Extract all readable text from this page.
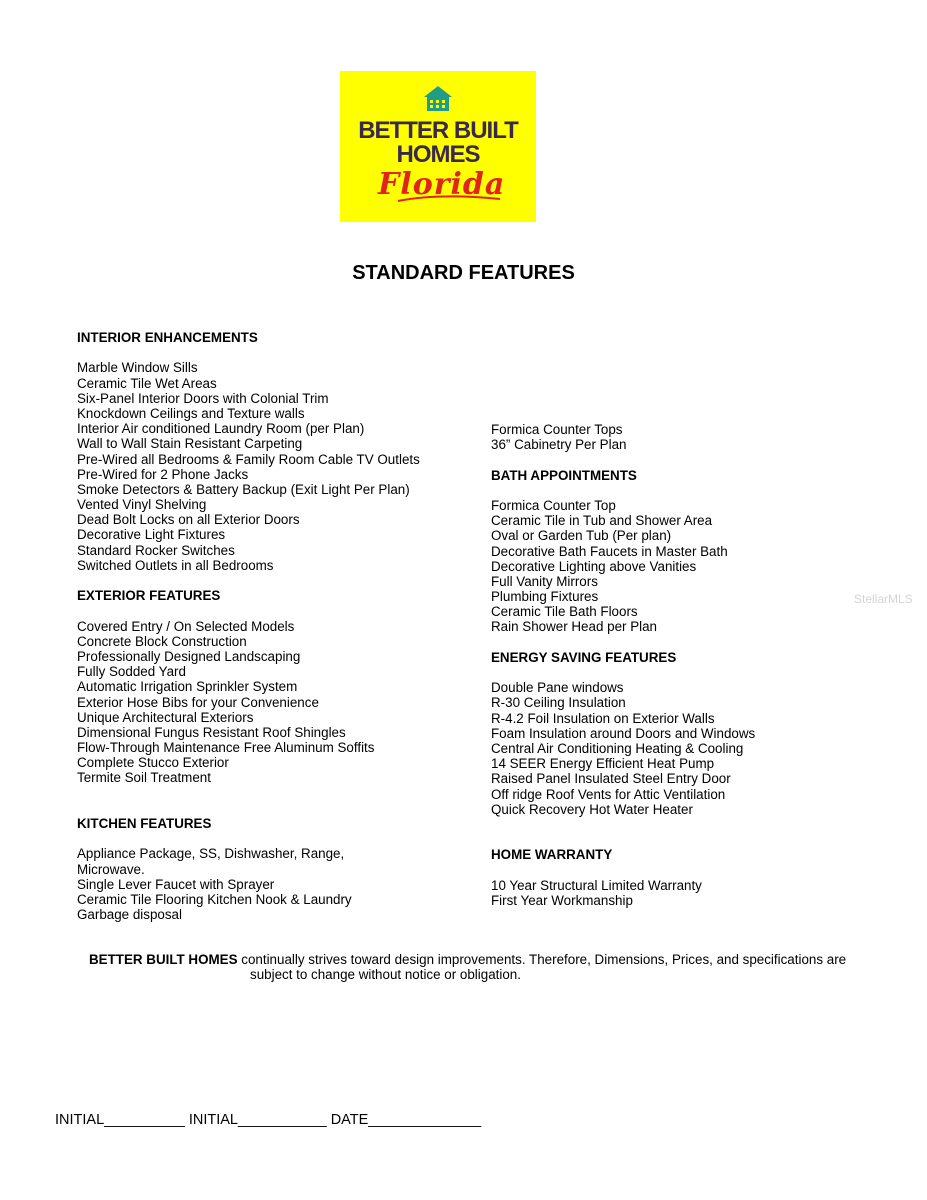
BETTER BUILT
HOMES
Florida
STANDARD FEATURES
INTERIOR ENHANCEMENTS
Marble Window Sills
Ceramic Tile Wet Areas
Six-Panel Interior Doors with Colonial Trim
Knockdown Ceilings and Texture walls
Interior Air conditioned Laundry Room (per Plan)
Wall to Wall Stain Resistant Carpeting
Pre-Wired all Bedrooms & Family Room Cable TV Outlets
Pre-Wired for 2 Phone Jacks
Smoke Detectors & Battery Backup (Exit Light Per Plan)
Vented Vinyl Shelving
Dead Bolt Locks on all Exterior Doors
Decorative Light Fixtures
Standard Rocker Switches
Switched Outlets in all Bedrooms
EXTERIOR FEATURES
Covered Entry / On Selected Models
Concrete Block Construction
Professionally Designed Landscaping
Fully Sodded Yard
Automatic Irrigation Sprinkler System
Exterior Hose Bibs for your Convenience
Unique Architectural Exteriors
Dimensional Fungus Resistant Roof Shingles
Flow-Through Maintenance Free Aluminum Soffits
Complete Stucco Exterior
Termite Soil Treatment
KITCHEN FEATURES
Appliance Package, SS, Dishwasher, Range, Microwave.
Single Lever Faucet with Sprayer
Ceramic Tile Flooring Kitchen Nook & Laundry
Garbage disposal
Formica Counter Tops
36” Cabinetry Per Plan
BATH APPOINTMENTS
Formica Counter Top
Ceramic Tile in Tub and Shower Area
Oval or Garden Tub (Per plan)
Decorative Bath Faucets in Master Bath
Decorative Lighting above Vanities
Full Vanity Mirrors
Plumbing Fixtures
Ceramic Tile Bath Floors
Rain Shower Head per Plan
ENERGY SAVING FEATURES
Double Pane windows
R-30 Ceiling Insulation
R-4.2 Foil Insulation on Exterior Walls
Foam Insulation around Doors and Windows
Central Air Conditioning Heating & Cooling
14 SEER Energy Efficient Heat Pump
Raised Panel Insulated Steel Entry Door
Off ridge Roof Vents for Attic Ventilation
Quick Recovery Hot Water Heater
HOME WARRANTY
10 Year Structural Limited Warranty
First Year Workmanship
BETTER BUILT HOMES continually strives toward design improvements. Therefore, Dimensions, Prices, and specifications are
subject to change without notice or obligation.
INITIAL__________ INITIAL___________ DATE______________
StellarMLS
